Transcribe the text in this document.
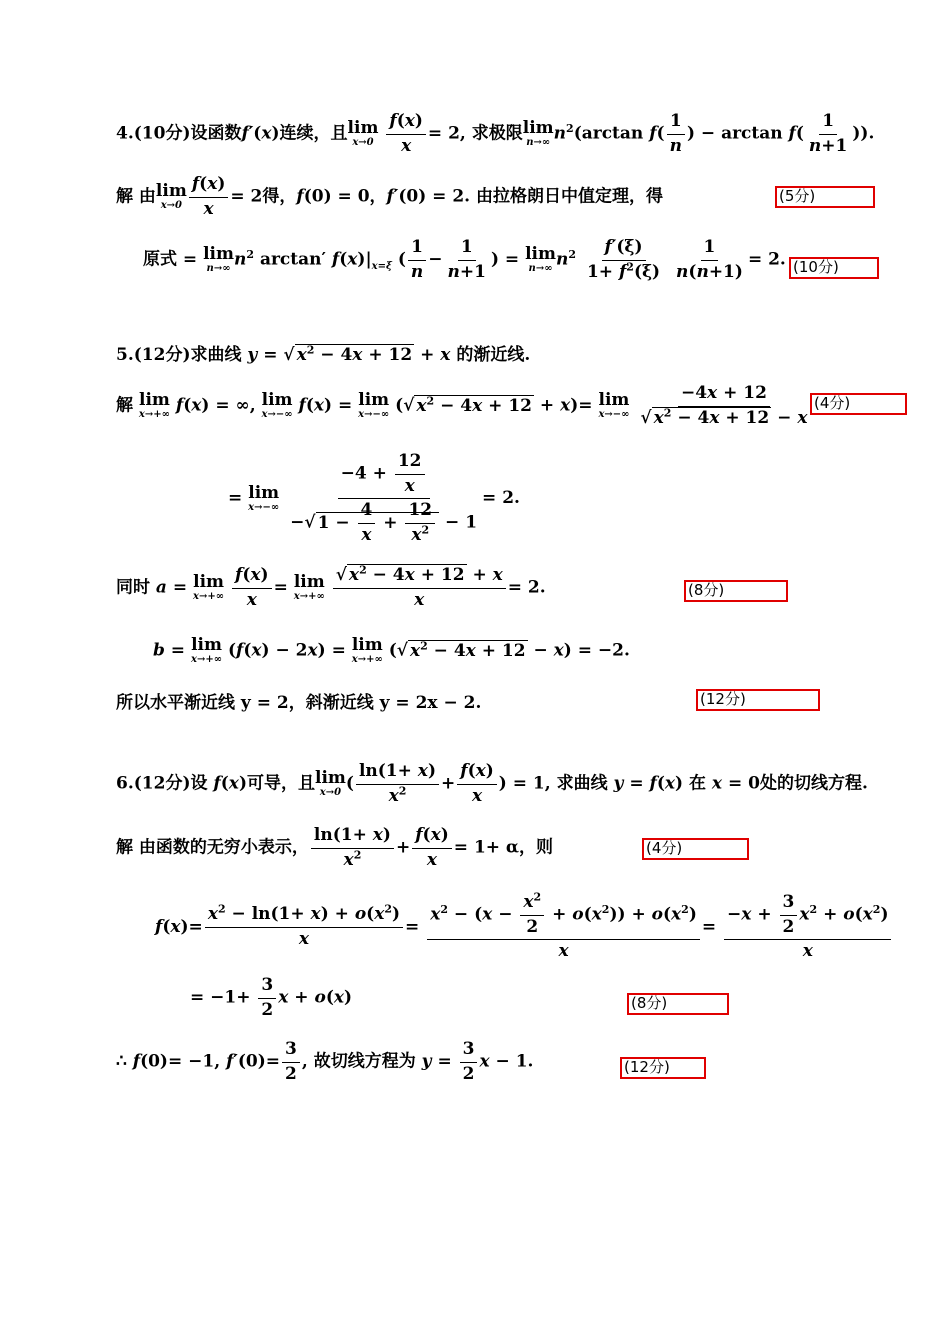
4.(10分)设函数f′(x)连续，且lim
x→0
$\frac{f(x)}{x} = 2$, 求极限lim
n→∞ $n^2(\arctan$ $f( \frac{1}{n}$ ) − $\arctan f( \frac{1}{n+1}$ )).
解 由lim
$x\to 0 \frac{f(x)}{x} = 2$得，f(0) = 0，f′(0) = 2. 由拉格朗日中值定理，得	(5分)
原式 = lim
n→∞ $n^2$ arctan′ $f(x)|_{x=\xi}$ ( $\frac{1}{n} - \frac{1}{n+1}$ ) = lim
n→∞ $n^2 \frac{f'(\xi)}{1+ f^2(\xi)}$
$\frac{1}{n(n+1)} = 2$. (10分)
5.(12分)求曲线 y = √ $x^2 - 4x + 12 + x$ 的渐近线.
解 lim
x→+∞ f(x) = ∞, lim
x→−∞ f(x) = lim
x→−∞ (√ $x^2 - 4x + 12 + x)= \lim$
x→−∞
$\frac{-4x + 12}{√ x^2 - 4x + 12 - x} (4$分)
= lim
x→−∞
$\frac{-4 + \frac{12}{x}}{-√ 1 - \frac{4}{x} + \frac{12}{x^2} - 1} = 2$.
同时 a = lim
x→+∞
$\frac{f(x)}{x} = \lim$
x→+∞
$\frac{√ x^2 - 4x + 12 + x}{x} = 2$.	(8分)
b = lim
x→+∞ (f(x) − 2x) = lim
x→+∞ (√ $x^2 - 4x + 12 - x) = -2$.
所以水平渐近线 y = 2，斜渐近线 y = 2x − 2.	(12分)
6.(12分)设 f(x)可导，且lim
x→0 ( $\frac{\ln(1+ x)}{x^2} + \frac{f(x)}{x}$ ) = 1, 求曲线 y = f(x) 在 x = 0处的切线方程.
解 由函数的无穷小表示， $\frac{\ln(1+ x)}{x^2} + \frac{f(x)}{x} = 1+ \alpha$，则	(4分)
$f(x)= \frac{x^2 - \ln(1+ x) + o(x^2)}{x} = \frac{x^2 - (x - \frac{x^2}{2} + o(x^2)) + o(x^2)}{x} = \frac{-x + \frac{3}{2} x^2 + o(x^2)}{x}$
= $-1+ \frac{3}{2}$ x + o(x)	(8分)
∴ f(0)= −1, $f'(0)= \frac{3}{2}$ , 故切线方程为 $y = \frac{3}{2}$ x − 1.	(12分)
